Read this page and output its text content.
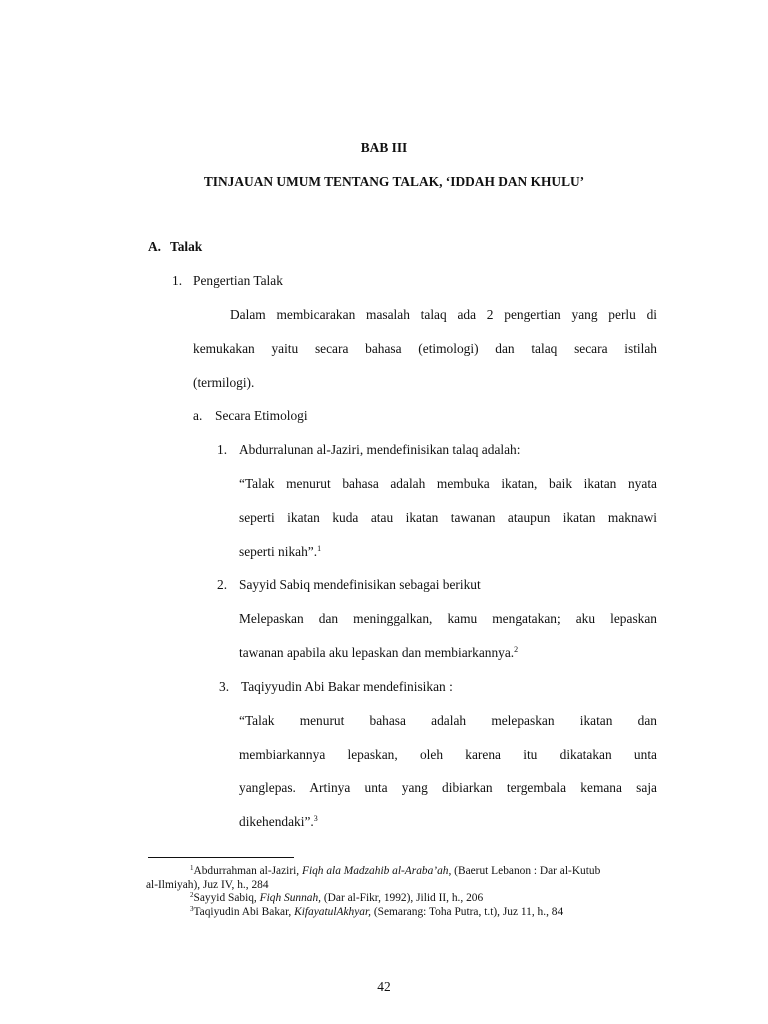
BAB III
TINJAUAN UMUM TENTANG TALAK, ‘IDDAH DAN KHULU’
A. Talak
1. Pengertian Talak
Dalam membicarakan masalah talaq ada 2 pengertian yang perlu di
kemukakan yaitu secara bahasa (etimologi) dan talaq secara istilah
(termilogi).
a. Secara Etimologi
1. Abdurralunan al-Jaziri, mendefinisikan talaq adalah:
“Talak menurut bahasa adalah membuka ikatan, baik ikatan nyata
seperti ikatan kuda atau ikatan tawanan ataupun ikatan maknawi
seperti nikah”.$^1$
2. Sayyid Sabiq mendefinisikan sebagai berikut
Melepaskan dan meninggalkan, kamu mengatakan; aku lepaskan
tawanan apabila aku lepaskan dan membiarkannya.$^2$
3. Taqiyyudin Abi Bakar mendefinisikan :
“Talak menurut bahasa adalah melepaskan ikatan dan
membiarkannya lepaskan, oleh karena itu dikatakan unta
yanglepas. Artinya unta yang dibiarkan tergembala kemana saja
dikehendaki”.$^3$
$^1$Abdurrahman al-Jaziri, Fiqh ala Madzahib al-Araba’ah, (Baerut Lebanon : Dar al-Kutub
al-Ilmiyah), Juz IV, h., 284
$^2$Sayyid Sabiq, Fiqh Sunnah, (Dar al-Fikr, 1992), Jilid II, h., 206
$^3$Taqiyudin Abi Bakar, KifayatulAkhyar, (Semarang: Toha Putra, t.t), Juz 11, h., 84
42
